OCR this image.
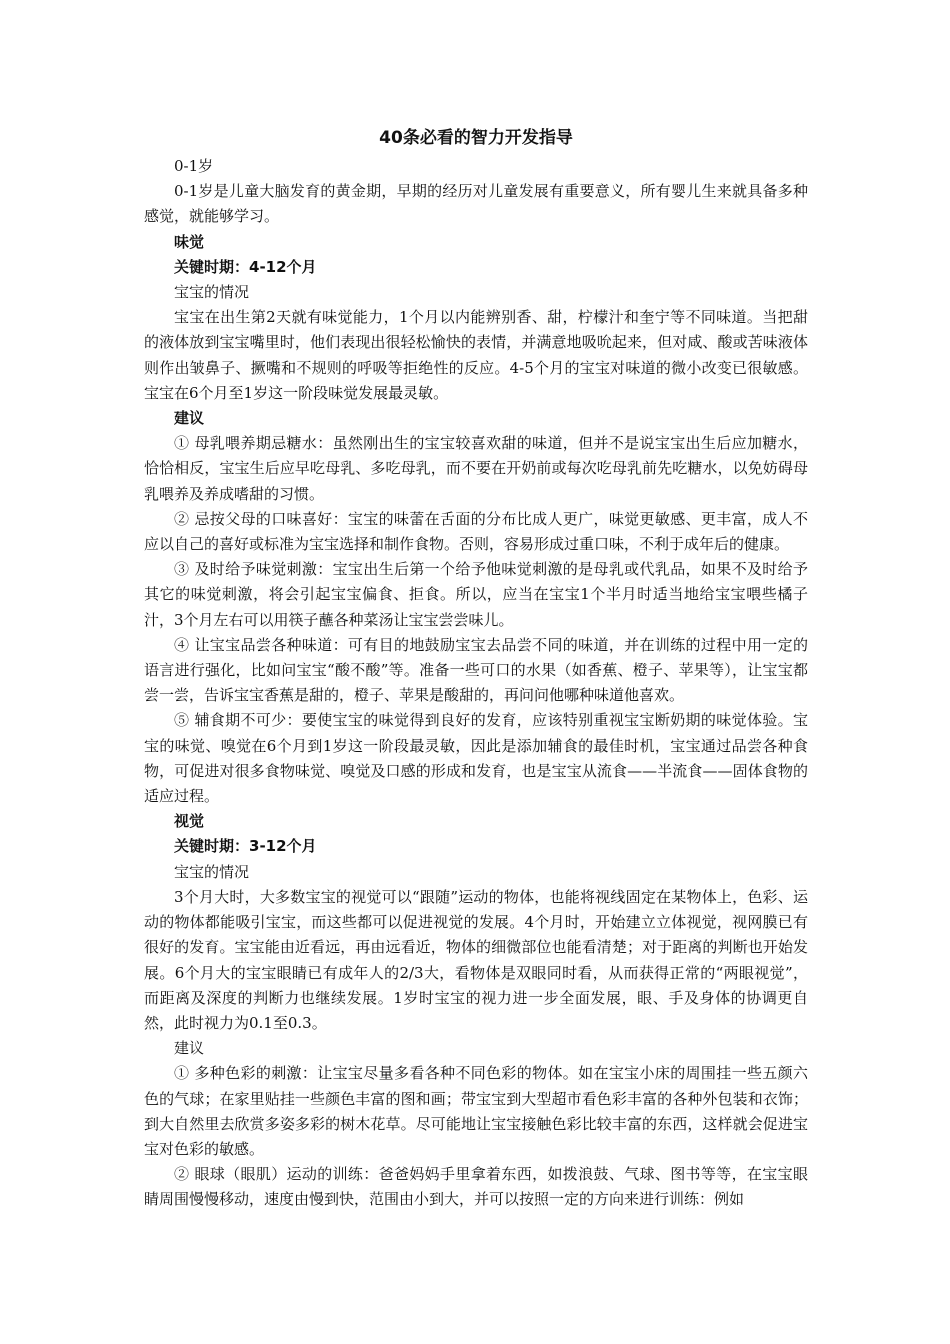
40条必看的智力开发指导

0-1岁

0-1岁是儿童大脑发育的黄金期，早期的经历对儿童发展有重要意义，所有婴儿生来就具备多种感觉，就能够学习。

味觉

关键时期：4-12个月

宝宝的情况

宝宝在出生第2天就有味觉能力，1个月以内能辨别香、甜，柠檬汁和奎宁等不同味道。当把甜的液体放到宝宝嘴里时，他们表现出很轻松愉快的表情，并满意地吸吮起来，但对咸、酸或苦味液体则作出皱鼻子、撅嘴和不规则的呼吸等拒绝性的反应。4-5个月的宝宝对味道的微小改变已很敏感。宝宝在6个月至1岁这一阶段味觉发展最灵敏。

建议

① 母乳喂养期忌糖水：虽然刚出生的宝宝较喜欢甜的味道，但并不是说宝宝出生后应加糖水，恰恰相反，宝宝生后应早吃母乳、多吃母乳，而不要在开奶前或每次吃母乳前先吃糖水，以免妨碍母乳喂养及养成嗜甜的习惯。

② 忌按父母的口味喜好：宝宝的味蕾在舌面的分布比成人更广，味觉更敏感、更丰富，成人不应以自己的喜好或标准为宝宝选择和制作食物。否则，容易形成过重口味，不利于成年后的健康。

③ 及时给予味觉刺激：宝宝出生后第一个给予他味觉刺激的是母乳或代乳品，如果不及时给予其它的味觉刺激，将会引起宝宝偏食、拒食。所以，应当在宝宝1个半月时适当地给宝宝喂些橘子汁，3个月左右可以用筷子蘸各种菜汤让宝宝尝尝味儿。

④ 让宝宝品尝各种味道：可有目的地鼓励宝宝去品尝不同的味道，并在训练的过程中用一定的语言进行强化，比如问宝宝“酸不酸”等。准备一些可口的水果（如香蕉、橙子、苹果等），让宝宝都尝一尝，告诉宝宝香蕉是甜的，橙子、苹果是酸甜的，再问问他哪种味道他喜欢。

⑤ 辅食期不可少：要使宝宝的味觉得到良好的发育，应该特别重视宝宝断奶期的味觉体验。宝宝的味觉、嗅觉在6个月到1岁这一阶段最灵敏，因此是添加辅食的最佳时机，宝宝通过品尝各种食物，可促进对很多食物味觉、嗅觉及口感的形成和发育，也是宝宝从流食——半流食——固体食物的适应过程。

视觉

关键时期：3-12个月

宝宝的情况

3个月大时，大多数宝宝的视觉可以“跟随”运动的物体，也能将视线固定在某物体上，色彩、运动的物体都能吸引宝宝，而这些都可以促进视觉的发展。4个月时，开始建立立体视觉，视网膜已有很好的发育。宝宝能由近看远，再由远看近，物体的细微部位也能看清楚；对于距离的判断也开始发展。6个月大的宝宝眼睛已有成年人的2/3大，看物体是双眼同时看，从而获得正常的“两眼视觉”，而距离及深度的判断力也继续发展。1岁时宝宝的视力进一步全面发展，眼、手及身体的协调更自然，此时视力为0.1至0.3。

建议

① 多种色彩的刺激：让宝宝尽量多看各种不同色彩的物体。如在宝宝小床的周围挂一些五颜六色的气球；在家里贴挂一些颜色丰富的图和画；带宝宝到大型超市看色彩丰富的各种外包装和衣饰；到大自然里去欣赏多姿多彩的树木花草。尽可能地让宝宝接触色彩比较丰富的东西，这样就会促进宝宝对色彩的敏感。

② 眼球（眼肌）运动的训练：爸爸妈妈手里拿着东西，如拨浪鼓、气球、图书等等，在宝宝眼睛周围慢慢移动，速度由慢到快，范围由小到大，并可以按照一定的方向来进行训练：例如
